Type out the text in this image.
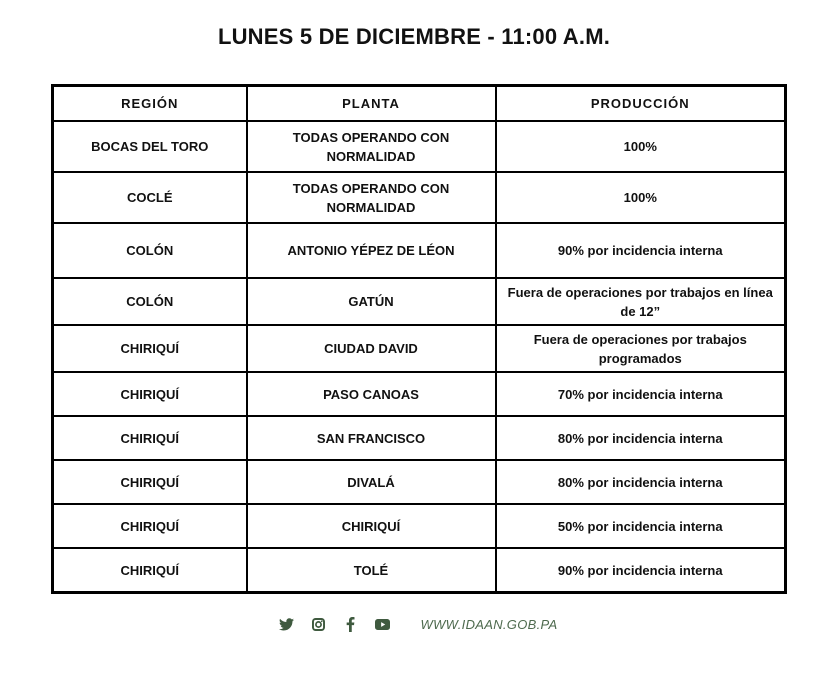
LUNES 5 DE DICIEMBRE - 11:00 A.M.
REGIÓN	PLANTA	PRODUCCIÓN
BOCAS DEL TORO	TODAS OPERANDO CON NORMALIDAD	100%
COCLÉ	TODAS OPERANDO CON NORMALIDAD	100%
COLÓN	ANTONIO YÉPEZ DE LÉON	90% por incidencia interna
COLÓN	GATÚN	Fuera de operaciones por trabajos en línea de 12”
CHIRIQUÍ	CIUDAD DAVID	Fuera de operaciones por trabajos programados
CHIRIQUÍ	PASO CANOAS	70% por incidencia interna
CHIRIQUÍ	SAN FRANCISCO	80% por incidencia interna
CHIRIQUÍ	DIVALÁ	80% por incidencia interna
CHIRIQUÍ	CHIRIQUÍ	50% por incidencia interna
CHIRIQUÍ	TOLÉ	90% por incidencia interna
WWW.IDAAN.GOB.PA
